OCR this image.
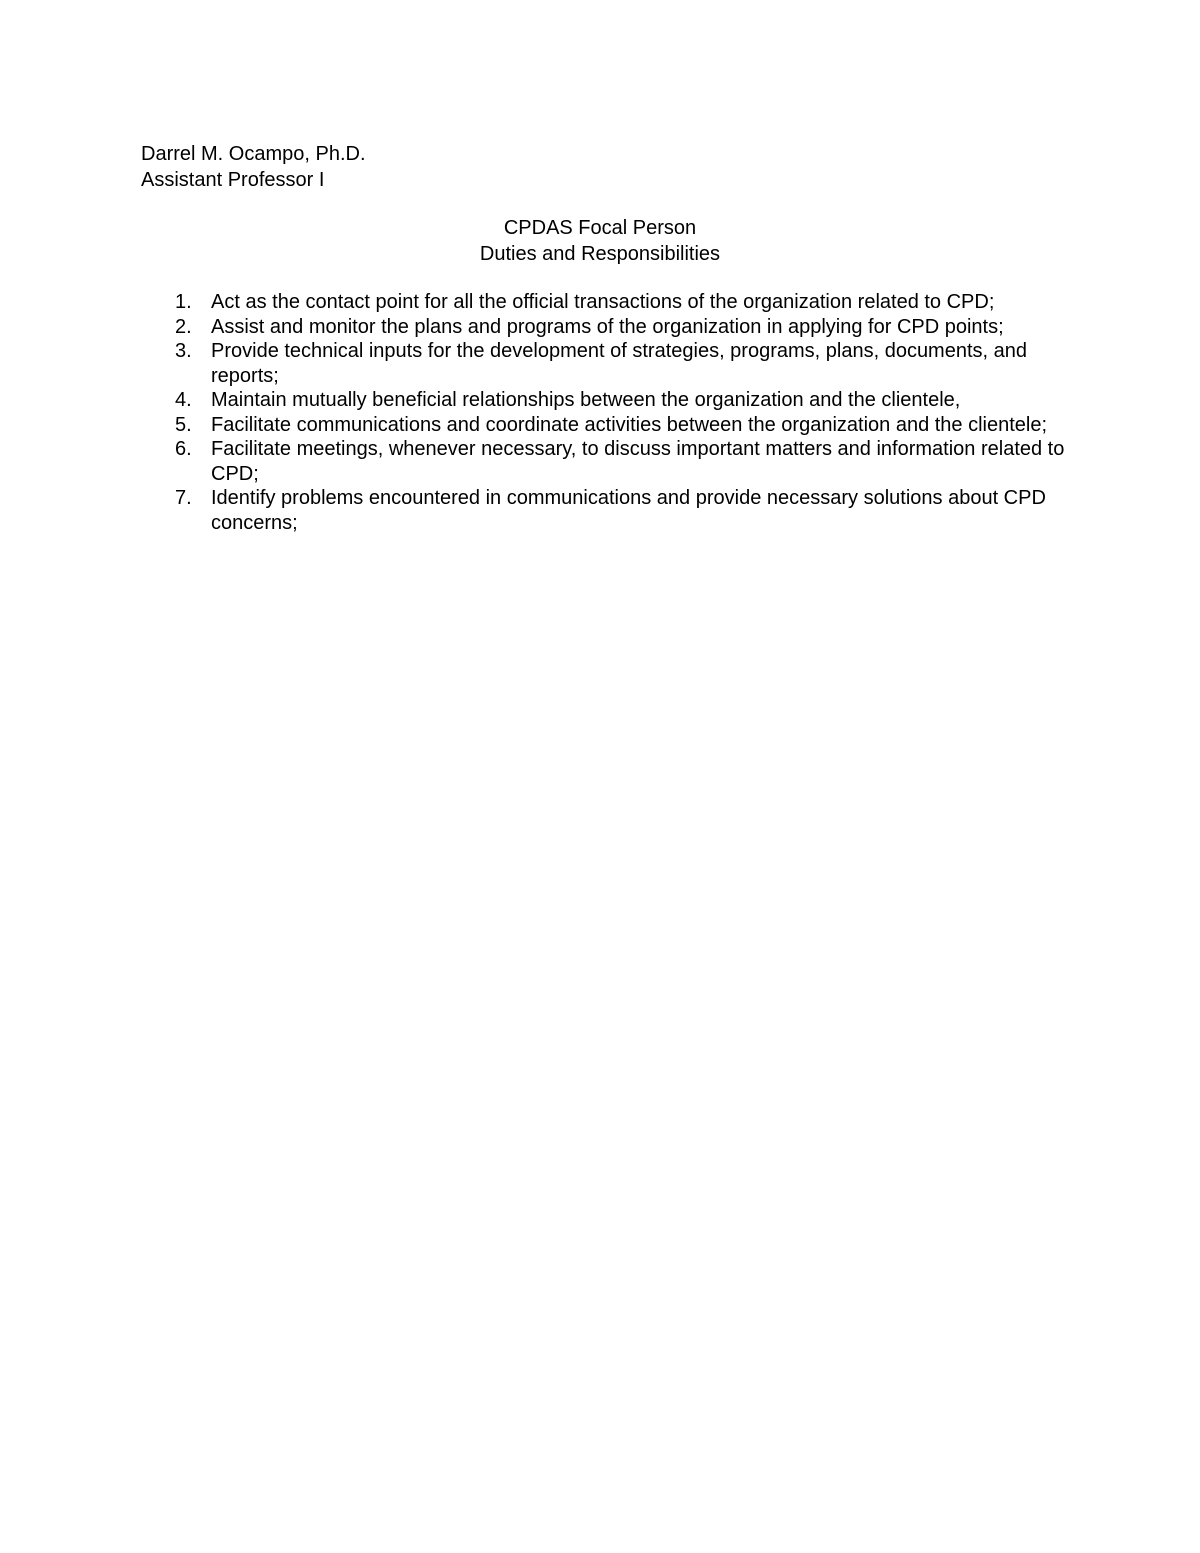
Darrel M. Ocampo, Ph.D.
Assistant Professor I
CPDAS Focal Person
Duties and Responsibilities
1. Act as the contact point for all the official transactions of the organization related to CPD;
2. Assist and monitor the plans and programs of the organization in applying for CPD points;
3. Provide technical inputs for the development of strategies, programs, plans, documents, and reports;
4. Maintain mutually beneficial relationships between the organization and the clientele,
5. Facilitate communications and coordinate activities between the organization and the clientele;
6. Facilitate meetings, whenever necessary, to discuss important matters and information related to CPD;
7. Identify problems encountered in communications and provide necessary solutions about CPD concerns;
